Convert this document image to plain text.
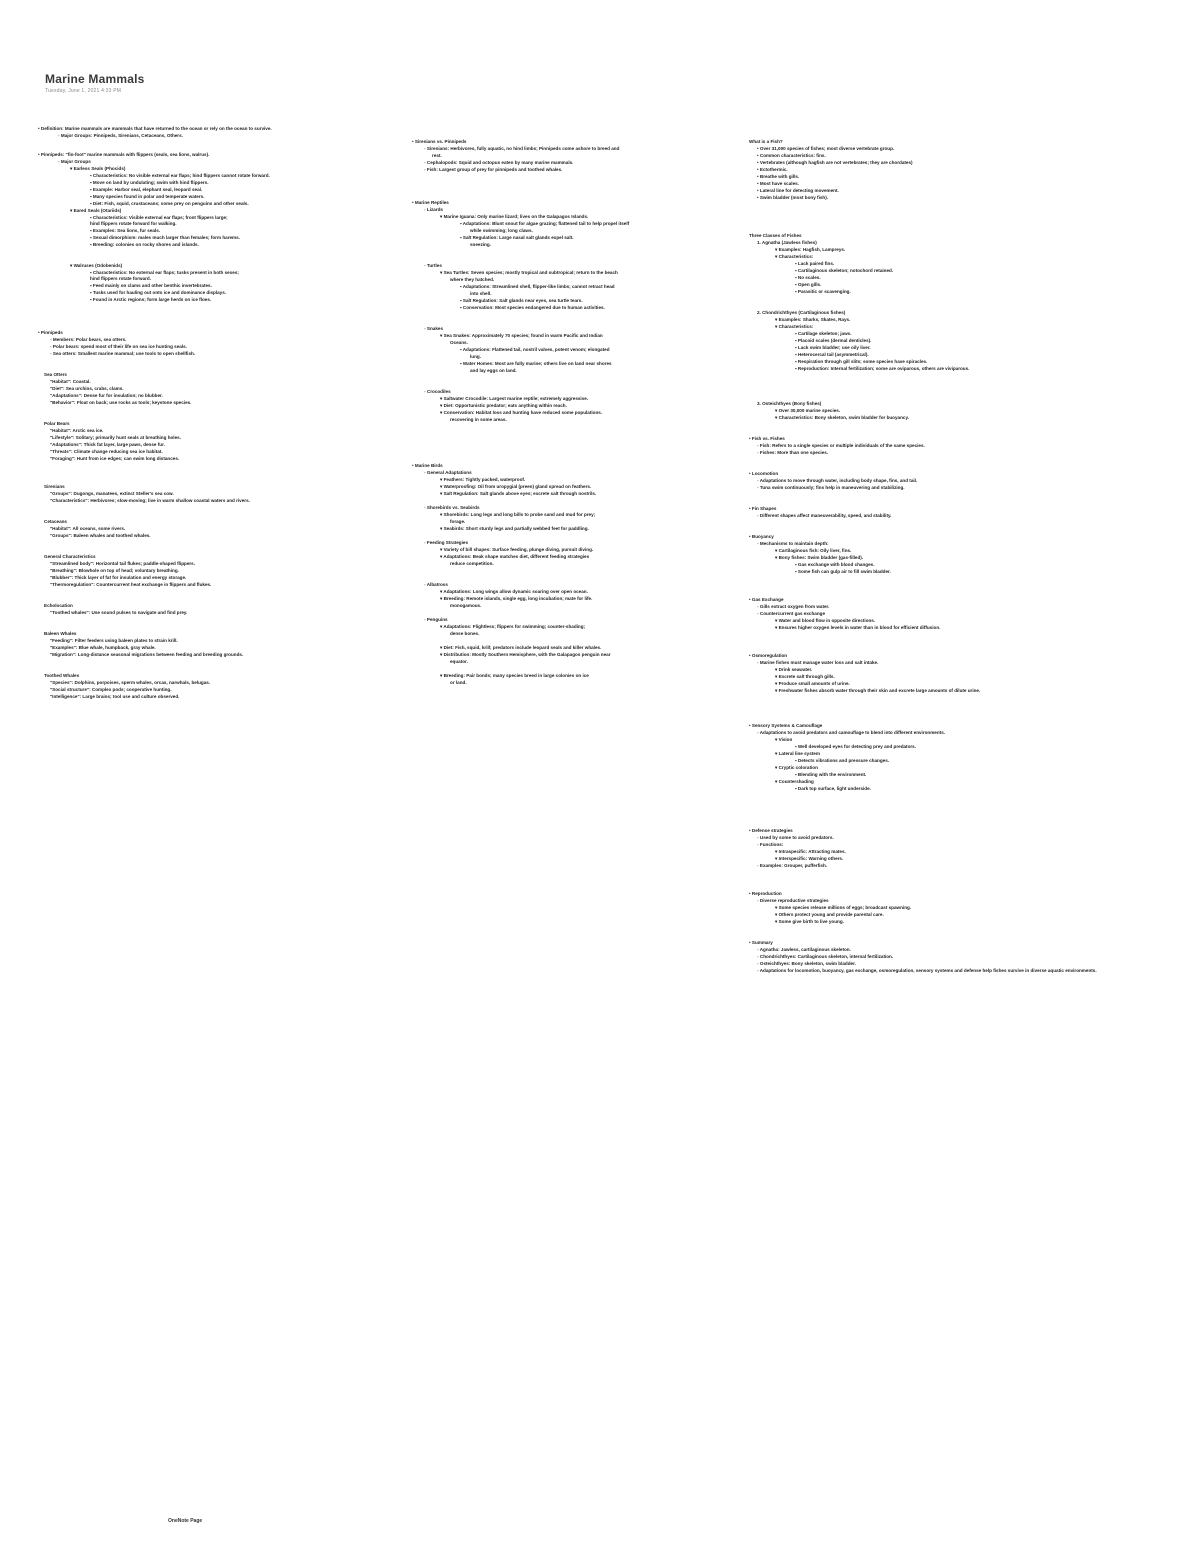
Marine Mammals
Tuesday, June 1, 2021 4:33 PM
• Definition: Marine mammals are mammals that have returned to the ocean or rely on the ocean to survive.
◦ Major Groups: Pinnipeds, Sirenians, Cetaceans, Others.
• Pinnipeds: "fin-foot" marine mammals with flippers (seals, sea lions, walrus).
◦ Major Groups
▾ Earless Seals (Phocids)
▪ Characteristics: No visible external ear flaps; hind flippers cannot rotate forward.
▪ Move on land by undulating; swim with hind flippers.
▪ Example: Harbor seal, elephant seal, leopard seal.
▪ Many species found in polar and temperate waters.
▪ Diet: Fish, squid, crustaceans; some prey on penguins and other seals.
▾ Eared Seals (Otariids)
▪ Characteristics: Visible external ear flaps; front flippers large;
hind flippers rotate forward for walking.
▪ Examples: Sea lions, fur seals.
▪ Sexual dimorphism: males much larger than females; form harems.
▪ Breeding: colonies on rocky shores and islands.
▾ Walruses (Odobenids)
▪ Characteristics: No external ear flaps; tusks present in both sexes;
hind flippers rotate forward.
▪ Feed mainly on clams and other benthic invertebrates.
▪ Tusks used for hauling out onto ice and dominance displays.
▪ Found in Arctic regions; form large herds on ice floes.
• Pinnipeds
◦ Members: Polar bears, sea otters.
◦ Polar bears: spend most of their life on sea ice hunting seals.
◦ Sea otters: Smallest marine mammal; use tools to open shellfish.
Sea Otters
"Habitat": Coastal.
"Diet": Sea urchins, crabs, clams.
"Adaptations": Dense fur for insulation; no blubber.
"Behavior": Float on back; use rocks as tools; keystone species.
Polar Bears
"Habitat": Arctic sea ice.
"Lifestyle": Solitary; primarily hunt seals at breathing holes.
"Adaptations": Thick fat layer, large paws, dense fur.
"Threats": Climate change reducing sea ice habitat.
"Foraging": Hunt from ice edges; can swim long distances.
Sirenians
"Groups": Dugongs, manatees, extinct Steller's sea cow.
"Characteristics": Herbivores; slow-moving; live in warm shallow coastal waters and rivers.
Cetaceans
"Habitat": All oceans, some rivers.
"Groups": Baleen whales and toothed whales.
General Characteristics
"Streamlined body": Horizontal tail flukes; paddle-shaped flippers.
"Breathing": Blowhole on top of head; voluntary breathing.
"Blubber": Thick layer of fat for insulation and energy storage.
"Thermoregulation": Countercurrent heat exchange in flippers and flukes.
Echolocation
"Toothed whales": Use sound pulses to navigate and find prey.
Baleen Whales
"Feeding": Filter feeders using baleen plates to strain krill.
"Examples": Blue whale, humpback, gray whale.
"Migration": Long-distance seasonal migrations between feeding and breeding grounds.
Toothed Whales
"Species": Dolphins, porpoises, sperm whales, orcas, narwhals, belugas.
"Social structure": Complex pods; cooperative hunting.
"Intelligence": Large brains; tool use and culture observed.
• Sirenians vs. Pinnipeds
◦ Sirenians: Herbivores, fully aquatic, no hind limbs; Pinnipeds come ashore to breed and
rest.
◦ Cephalopods: Squid and octopus eaten by many marine mammals.
◦ Fish: Largest group of prey for pinnipeds and toothed whales.
• Marine Reptiles
◦ Lizards
▾ Marine Iguana: Only marine lizard; lives on the Galapagos Islands.
▪ Adaptations: Blunt snout for algae grazing; flattened tail to help propel itself
while swimming; long claws.
▪ Salt Regulation: Large nasal salt glands expel salt.
sneezing.
◦ Turtles
▾ Sea Turtles: Seven species; mostly tropical and subtropical; return to the beach
where they hatched.
▪ Adaptations: Streamlined shell, flipper-like limbs; cannot retract head
into shell.
▪ Salt Regulation: Salt glands near eyes, sea turtle tears.
▪ Conservation: Most species endangered due to human activities.
◦ Snakes
▾ Sea Snakes: Approximately 70 species; found in warm Pacific and Indian
Oceans.
▪ Adaptations: Flattened tail, nostril valves, potent venom; elongated
lung.
▪ Water Homes: Most are fully marine; others live on land near shores
and lay eggs on land.
◦ Crocodiles
▾ Saltwater Crocodile: Largest marine reptile; extremely aggressive.
▾ Diet: Opportunistic predator; eats anything within reach.
▾ Conservation: Habitat loss and hunting have reduced some populations.
recovering in some areas.
• Marine Birds
◦ General Adaptations
▾ Feathers: Tightly packed, waterproof.
▾ Waterproofing: Oil from uropygial (preen) gland spread on feathers.
▾ Salt Regulation: Salt glands above eyes; excrete salt through nostrils.
◦ Shorebirds vs. Seabirds
▾ Shorebirds: Long legs and long bills to probe sand and mud for prey;
forage.
▾ Seabirds: Short sturdy legs and partially webbed feet for paddling.
◦ Feeding Strategies
▾ Variety of bill shapes: Surface feeding, plunge diving, pursuit diving.
▾ Adaptations: Beak shape matches diet, different feeding strategies
reduce competition.
◦ Albatross
▾ Adaptations: Long wings allow dynamic soaring over open ocean.
▾ Breeding: Remote islands, single egg, long incubation; mate for life.
monogamous.
◦ Penguins
▾ Adaptations: Flightless; flippers for swimming; counter-shading;
dense bones.
▾ Diet: Fish, squid, krill; predators include leopard seals and killer whales.
▾ Distribution: Mostly Southern Hemisphere, with the Galapagos penguin near
equator.
▾ Breeding: Pair bonds; many species breed in large colonies on ice
or land.
What is a Fish?
• Over 31,000 species of fishes; most diverse vertebrate group.
• Common characteristics: fins.
• Vertebrates (although hagfish are not vertebrates; they are chordates)
• Ectothermic.
• Breathe with gills.
• Most have scales.
• Lateral line for detecting movement.
• Swim bladder (most bony fish).
Three Classes of Fishes
1. Agnatha (Jawless fishes)
▾ Examples: Hagfish, Lampreys.
▾ Characteristics:
▪ Lack paired fins.
▪ Cartilaginous skeleton; notochord retained.
▪ No scales.
▪ Open gills.
▪ Parasitic or scavenging.
2. Chondrichthyes (Cartilaginous fishes)
▾ Examples: Sharks, Skates, Rays.
▾ Characteristics:
▪ Cartilage skeleton; jaws.
▪ Placoid scales (dermal denticles).
▪ Lack swim bladder; use oily liver.
▪ Heterocercal tail (asymmetrical).
▪ Respiration through gill slits; some species have spiracles.
▪ Reproduction: Internal fertilization; some are oviparous, others are viviparous.
3. Osteichthyes (Bony fishes)
▾ Over 30,000 marine species.
▾ Characteristics: Bony skeleton, swim bladder for buoyancy.
• Fish vs. Fishes
◦ Fish: Refers to a single species or multiple individuals of the same species.
◦ Fishes: More than one species.
• Locomotion
◦ Adaptations to move through water, including body shape, fins, and tail.
◦ Tuna swim continuously; fins help in maneuvering and stabilizing.
• Fin Shapes
◦ Different shapes affect maneuverability, speed, and stability.
• Buoyancy
◦ Mechanisms to maintain depth:
▾ Cartilaginous fish: Oily liver, fins.
▾ Bony fishes: Swim bladder (gas-filled).
▪ Gas exchange with blood changes.
▪ Some fish can gulp air to fill swim bladder.
• Gas Exchange
◦ Gills extract oxygen from water.
◦ Countercurrent gas exchange
▾ Water and blood flow in opposite directions.
▾ Ensures higher oxygen levels in water than in blood for efficient diffusion.
• Osmoregulation
◦ Marine fishes must manage water loss and salt intake.
▾ Drink seawater.
▾ Excrete salt through gills.
▾ Produce small amounts of urine.
▾ Freshwater fishes absorb water through their skin and excrete large amounts of dilute urine.
• Sensory Systems & Camouflage
◦ Adaptations to avoid predators and camouflage to blend into different environments.
▾ Vision
▪ Well developed eyes for detecting prey and predators.
▾ Lateral line system
▪ Detects vibrations and pressure changes.
▾ Cryptic coloration
▪ Blending with the environment.
▾ Countershading
▪ Dark top surface, light underside.
• Defense strategies
◦ Used by some to avoid predators.
◦ Functions:
▾ Intraspecific: Attracting mates.
▾ Interspecific: Warning others.
◦ Examples: Grouper, pufferfish.
• Reproduction
◦ Diverse reproductive strategies
▾ Some species release millions of eggs; broadcast spawning.
▾ Others protect young and provide parental care.
▾ Some give birth to live young.
• Summary
◦ Agnatha: Jawless, cartilaginous skeleton.
◦ Chondrichthyes: Cartilaginous skeleton, internal fertilization.
◦ Osteichthyes: Bony skeleton, swim bladder.
◦ Adaptations for locomotion, buoyancy, gas exchange, osmoregulation, sensory systems and defense help fishes survive in diverse aquatic environments.
OneNote Page
